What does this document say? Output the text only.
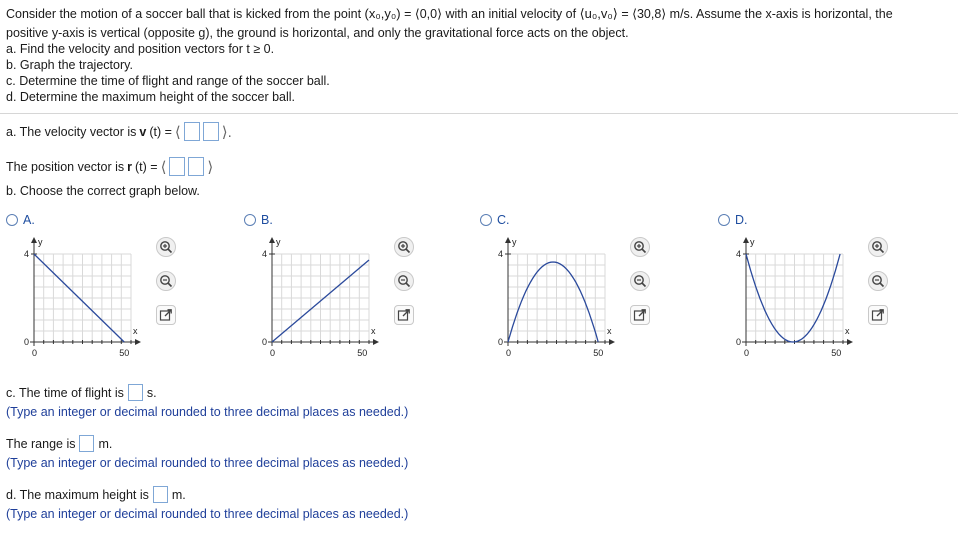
Consider the motion of a soccer ball that is kicked from the point (x₀,y₀) = ⟨0,0⟩ with an initial velocity of ⟨u₀,v₀⟩ = ⟨30,8⟩ m/s. Assume the x-axis is horizontal, the
positive y-axis is vertical (opposite g), the ground is horizontal, and only the gravitational force acts on the object.
a. Find the velocity and position vectors for t ≥ 0.
b. Graph the trajectory.
c. Determine the time of flight and range of the soccer ball.
d. Determine the maximum height of the soccer ball.
a. The velocity vector is v (t) = ⟨	⟩.
The position vector is r (t) = ⟨	⟩
b. Choose the correct graph below.
A.
y
x
4
0
0	50
B.
y
x
4
0
0	50
C.
y
x
4
0
0	50
D.
y
x
4
0
0	50
c. The time of flight is s.
(Type an integer or decimal rounded to three decimal places as needed.)
The range is m.
(Type an integer or decimal rounded to three decimal places as needed.)
d. The maximum height is m.
(Type an integer or decimal rounded to three decimal places as needed.)
